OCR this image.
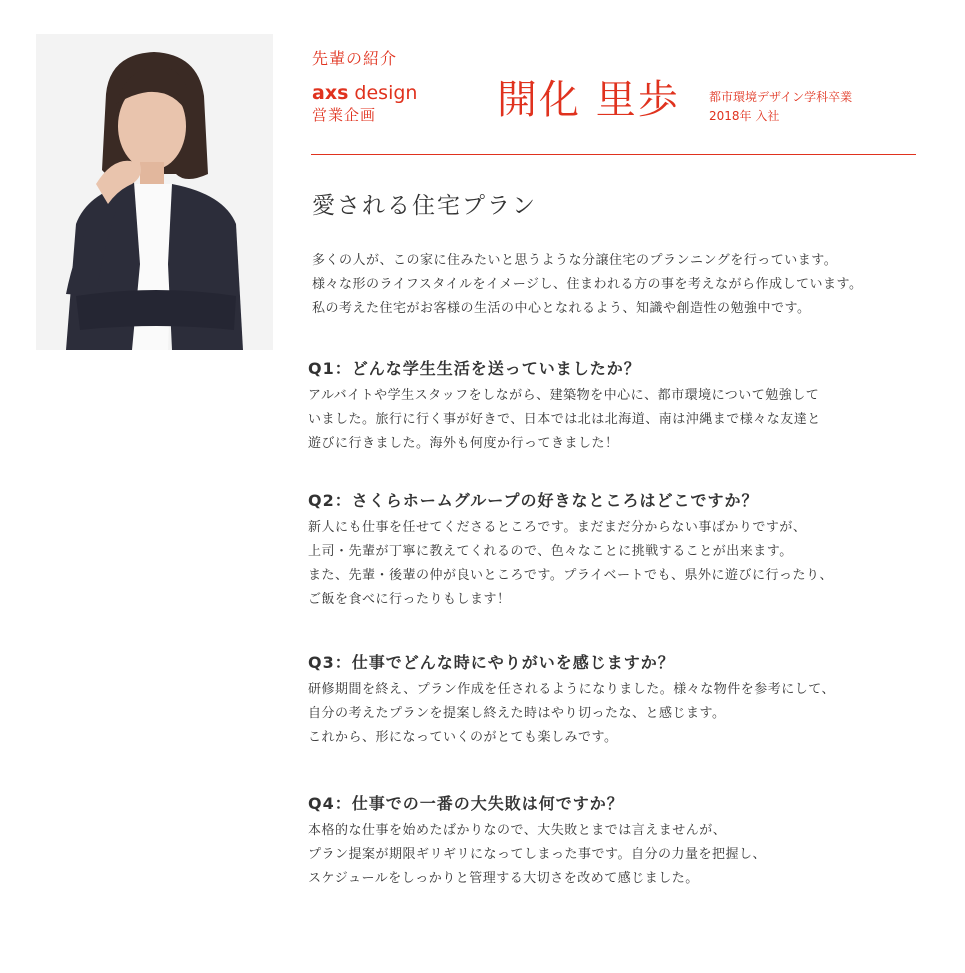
先輩の紹介
axs design
営業企画	開化 里歩 都市環境デザイン学科卒業
2018年 入社
愛される住宅プラン

多くの人が、この家に住みたいと思うような分譲住宅のプランニングを行っています。

様々な形のライフスタイルをイメージし、住まわれる方の事を考えながら作成しています。

私の考えた住宅がお客様の生活の中心となれるよう、知識や創造性の勉強中です。

Q1：どんな学生生活を送っていましたか？

アルバイトや学生スタッフをしながら、建築物を中心に、都市環境について勉強して

いました。旅行に行く事が好きで、日本では北は北海道、南は沖縄まで様々な友達と

遊びに行きました。海外も何度か行ってきました！

Q2：さくらホームグループの好きなところはどこですか？

新人にも仕事を任せてくださるところです。まだまだ分からない事ばかりですが、

上司・先輩が丁寧に教えてくれるので、色々なことに挑戦することが出来ます。

また、先輩・後輩の仲が良いところです。プライベートでも、県外に遊びに行ったり、

ご飯を食べに行ったりもします！

Q3：仕事でどんな時にやりがいを感じますか？

研修期間を終え、プラン作成を任されるようになりました。様々な物件を参考にして、

自分の考えたプランを提案し終えた時はやり切ったな、と感じます。

これから、形になっていくのがとても楽しみです。

Q4：仕事での一番の大失敗は何ですか？

本格的な仕事を始めたばかりなので、大失敗とまでは言えませんが、

プラン提案が期限ギリギリになってしまった事です。自分の力量を把握し、

スケジュールをしっかりと管理する大切さを改めて感じました。
